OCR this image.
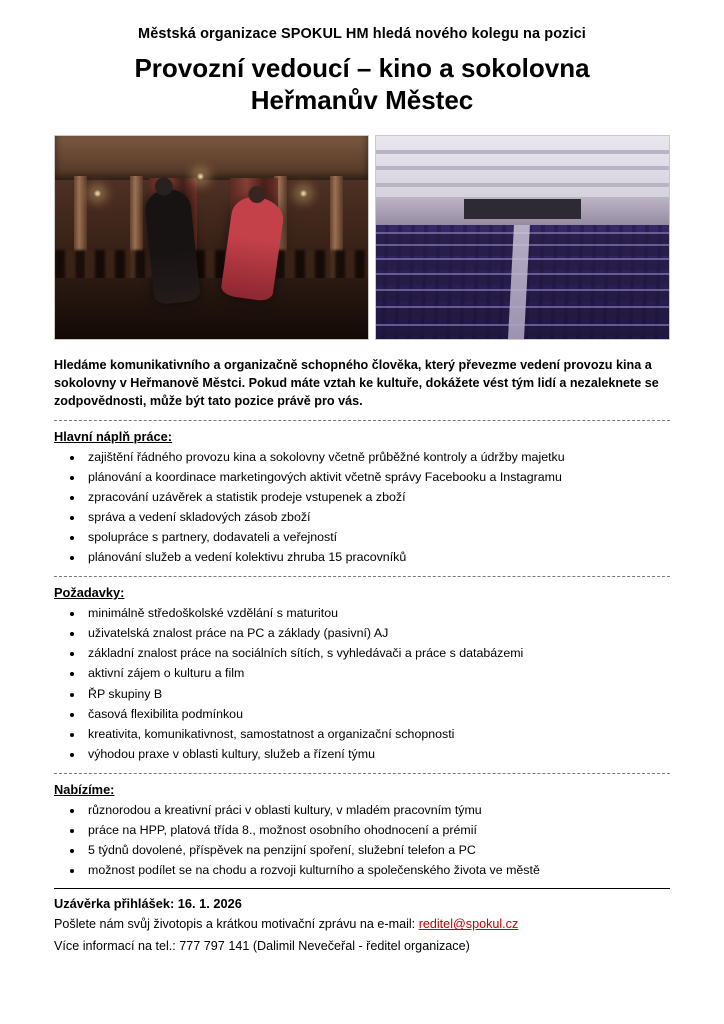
Městská organizace SPOKUL HM hledá nového kolegu na pozici
Provozní vedoucí – kino a sokolovna
Heřmanův Městec

Hledáme komunikativního a organizačně schopného člověka, který převezme vedení provozu kina a sokolovny v Heřmanově Městci. Pokud máte vztah ke kultuře, dokážete vést tým lidí a nezaleknete se zodpovědnosti, může být tato pozice právě pro vás.

Hlavní náplň práce:
• zajištění řádného provozu kina a sokolovny včetně průběžné kontroly a údržby majetku
• plánování a koordinace marketingových aktivit včetně správy Facebooku a Instagramu
• zpracování uzávěrek a statistik prodeje vstupenek a zboží
• správa a vedení skladových zásob zboží
• spolupráce s partnery, dodavateli a veřejností
• plánování služeb a vedení kolektivu zhruba 15 pracovníků
Požadavky:
• minimálně středoškolské vzdělání s maturitou
• uživatelská znalost práce na PC a základy (pasivní) AJ
• základní znalost práce na sociálních sítích, s vyhledávači a práce s databázemi
• aktivní zájem o kulturu a film
• ŘP skupiny B
• časová flexibilita podmínkou
• kreativita, komunikativnost, samostatnost a organizační schopnosti
• výhodou praxe v oblasti kultury, služeb a řízení týmu
Nabízíme:
• různorodou a kreativní práci v oblasti kultury, v mladém pracovním týmu
• práce na HPP, platová třída 8., možnost osobního ohodnocení a prémií
• 5 týdnů dovolené, příspěvek na penzijní spoření, služební telefon a PC
• možnost podílet se na chodu a rozvoji kulturního a společenského života ve městě
Uzávěrka přihlášek: 16. 1. 2026
Pošlete nám svůj životopis a krátkou motivační zprávu na e-mail: reditel@spokul.cz
Více informací na tel.: 777 797 141 (Dalimil Nevečeřal - ředitel organizace)
